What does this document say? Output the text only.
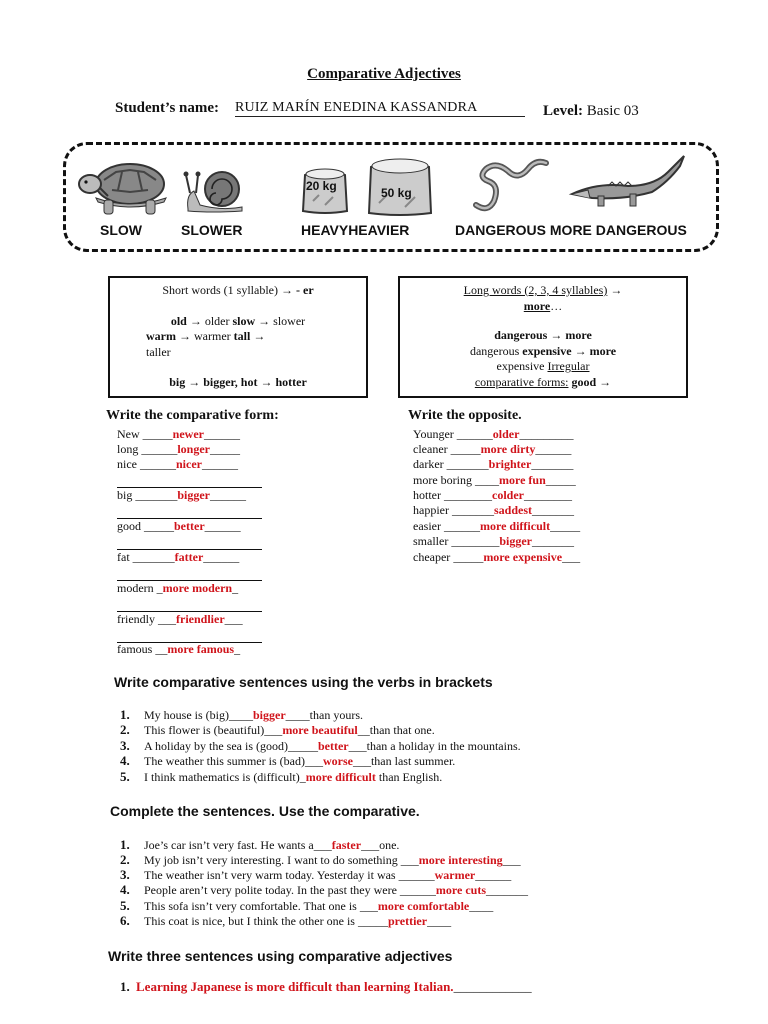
Comparative Adjectives
Student’s name: RUIZ MARÍN ENEDINA KASSANDRA	Level: Basic 03
20 kg	50 kg
SLOW	SLOWER	HEAVYHEAVIER	DANGEROUS MORE DANGEROUS
Short words (1 syllable) → - er
old → older slow → slower
warm → warmer tall →
taller
big → bigger, hot → hotter
Long words (2, 3, 4 syllables) →
more…
dangerous → more
dangerous expensive → more
expensive Irregular
comparative forms: good →
Write the comparative form:
New _____newer______
long ______longer_____
nice ______nicer______
big _______bigger______
good _____better______
fat _______fatter______
modern _more modern_
friendly ___friendlier___
famous __more famous_
Write the opposite.
Younger ______older_________
cleaner _____more dirty______
darker _______brighter_______
more boring ____more fun_____
hotter ________colder________
happier _______saddest_______
easier ______more difficult_____
smaller ________bigger_______
cheaper _____more expensive___
Write comparative sentences using the verbs in brackets
1. My house is (big)____bigger____than yours.
2. This flower is (beautiful)___more beautiful__than that one.
3. A holiday by the sea is (good)_____better___than a holiday in the mountains.
4. The weather this summer is (bad)___worse___than last summer.
5. I think mathematics is (difficult)_more difficult than English.
Complete the sentences. Use the comparative.
1. Joe’s car isn’t very fast. He wants a___faster___one.
2. My job isn’t very interesting. I want to do something ___more interesting___
3. The weather isn’t very warm today. Yesterday it was ______warmer______
4. People aren’t very polite today. In the past they were ______more cuts_______
5. This sofa isn’t very comfortable. That one is ___more comfortable____
6. This coat is nice, but I think the other one is _____prettier____
Write three sentences using comparative adjectives
1. Learning Japanese is more difficult than learning Italian.____________
